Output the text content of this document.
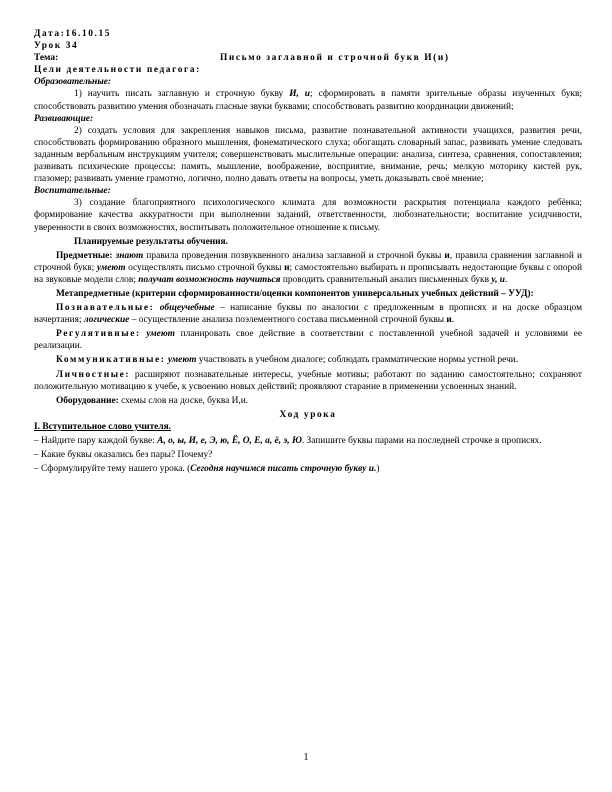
Дата:16.10.15

Урок 34

Тема:	Письмо заглавной и строчной букв И(и)

Цели деятельности педагога:

Образовательные:

1) научить писать заглавную и строчную букву И, и; сформировать в памяти зрительные образы изученных букв; способствовать развитию умения обозначать гласные звуки буквами; способствовать развитию координации движений;

Развивающие:

2) создать условия для закрепления навыков письма, развитие познавательной активности учащихся, развития речи, способствовать формированию образного мышления, фонематического слуха; обогащать словарный запас, развивать умение следовать заданным вербальным инструкциям учителя; совершенствовать мыслительные операции: анализа, синтеза, сравнения, сопоставления; развивать психические процессы: память, мышление, воображение, восприятие, внимание, речь; мелкую моторику кистей рук, глазомер; развивать умение грамотно, логично, полно давать ответы на вопросы, уметь доказывать своё мнение;

Воспитательные:

3) создание благоприятного психологического климата для возможности раскрытия потенциала каждого ребёнка; формирование качества аккуратности при выполнении заданий, ответственности, любознательности; воспитание усидчивости, уверенности в своих возможностях, воспитывать положительное отношение к письму.

Планируемые результаты обучения.

Предметные: знают правила проведения позвуквенного анализа заглавной и строчной буквы и, правила сравнения заглавной и строчной букв; умеют осуществлять письмо строчной буквы и; самостоятельно выбирать и прописывать недостающие буквы с опорой на звуковые модели слов; получат возможность научиться проводить сравнительный анализ письменных букв у, и.

Метапредметные (критерии сформированности/оценки компонентов универсальных учебных действий – УУД):

Познавательные: общеучебные – написание буквы по аналогии с предложенным в прописях и на доске образцом начертания; логические – осуществление анализа поэлементного состава письменной строчной буквы и.

Регулятивные: умеют планировать свое действие в соответствии с поставленной учебной задачей и условиями ее реализации.

Коммуникативные: умеют участвовать в учебном диалоге; соблюдать грамматические нормы устной речи.

Личностные: расширяют познавательные интересы, учебные мотивы; работают по заданию самостоятельно; сохраняют положительную мотивацию к учебе, к усвоению новых действий; проявляют старание в применении усвоенных знаний.

Оборудование: схемы слов на доске, буква И,и.

Ход урока

I. Вступительное слово учителя.

– Найдите пару каждой букве: А, о, ы, И, е, Э, ю, Ё, О, Е, а, ё, э, Ю. Запишите буквы парами на последней строчке в прописях.

– Какие буквы оказались без пары? Почему?

– Сформулируйте тему нашего урока. (Сегодня научимся писать строчную букву и.)

1
